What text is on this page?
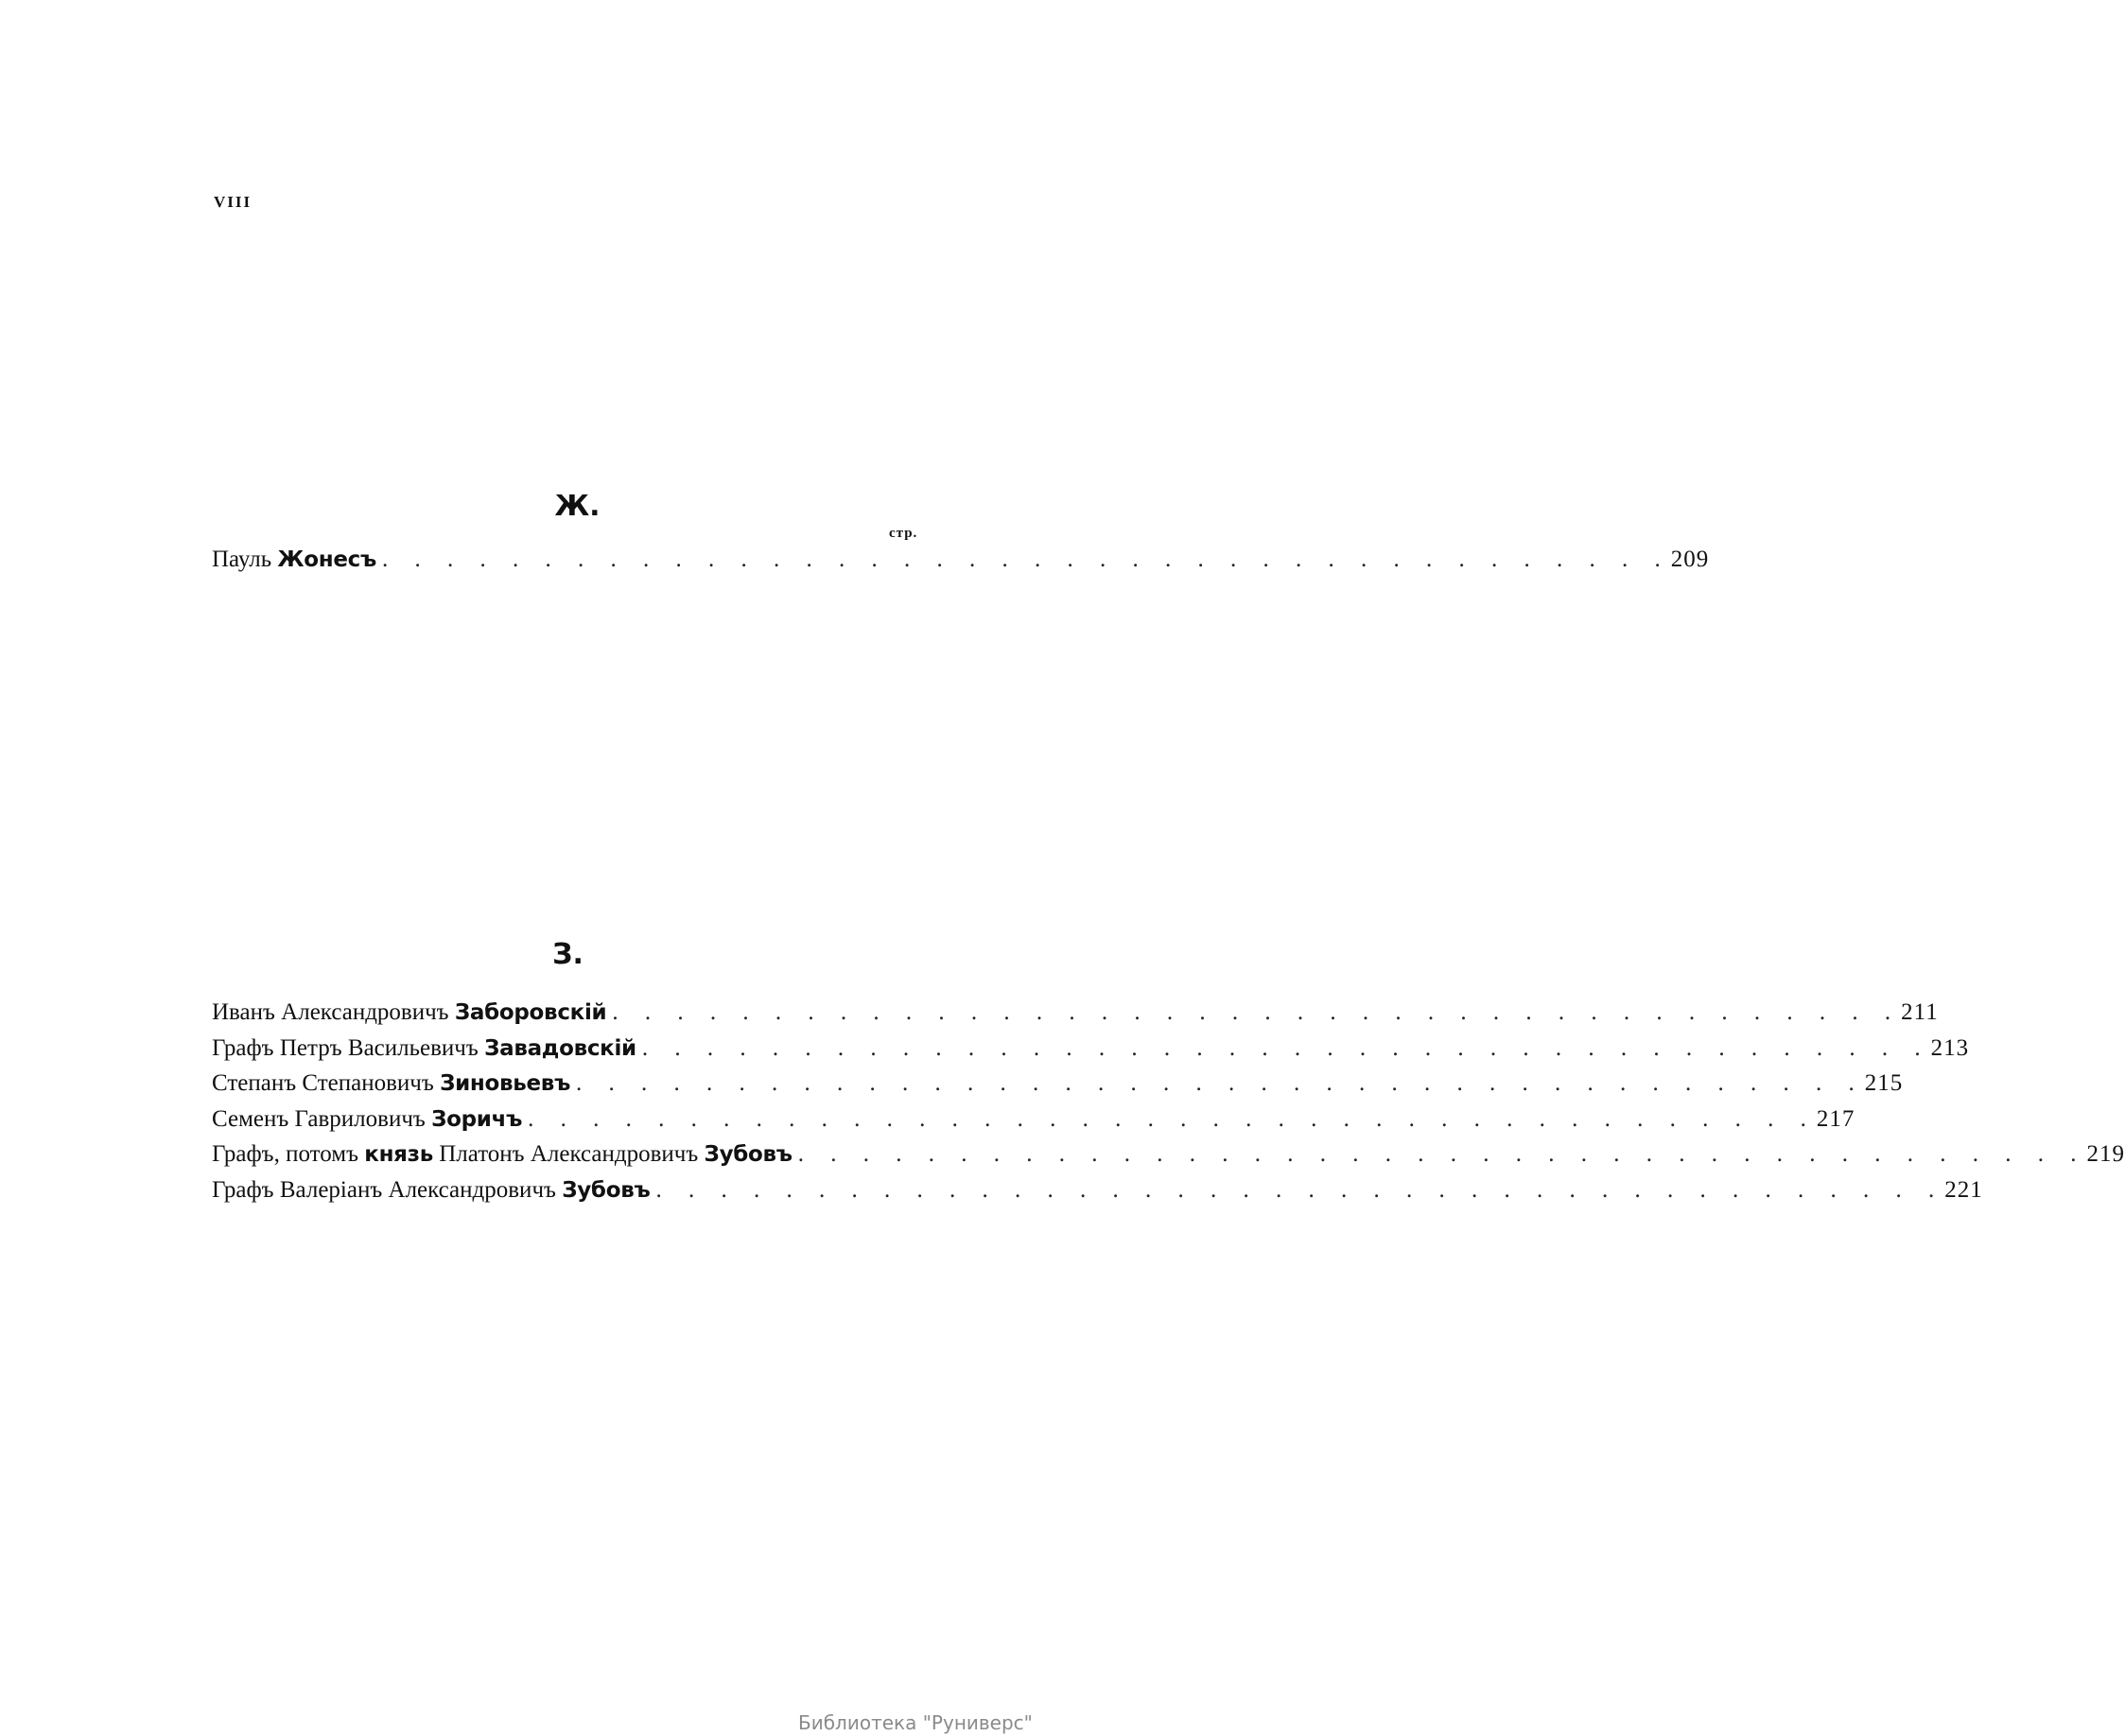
VIII
Ж.
стр.
Пауль Жонесъ . . . . . . . . . . . . . . . . . . . . . . . . . . . . . . . . . . . . . . . . 209
З.
Иванъ Александровичъ Заборовскій . . . . . . . . . . . . . . . . . . . . . . . . . . . . . . . . . . . . . . . . 211
Графъ Петръ Васильевичъ Завадовскій . . . . . . . . . . . . . . . . . . . . . . . . . . . . . . . . . . . . . . . . 213
Степанъ Степановичъ Зиновьевъ . . . . . . . . . . . . . . . . . . . . . . . . . . . . . . . . . . . . . . . . 215
Семенъ Гавриловичъ Зоричъ . . . . . . . . . . . . . . . . . . . . . . . . . . . . . . . . . . . . . . . . 217
Графъ, потомъ князь Платонъ Александровичъ Зубовъ . . . . . . . . . . . . . . . . . . . . . . . . . . . . . . . . . . . . . . . . 219
Графъ Валеріанъ Александровичъ Зубовъ . . . . . . . . . . . . . . . . . . . . . . . . . . . . . . . . . . . . . . . . 221
Библиотека "Руниверс"
